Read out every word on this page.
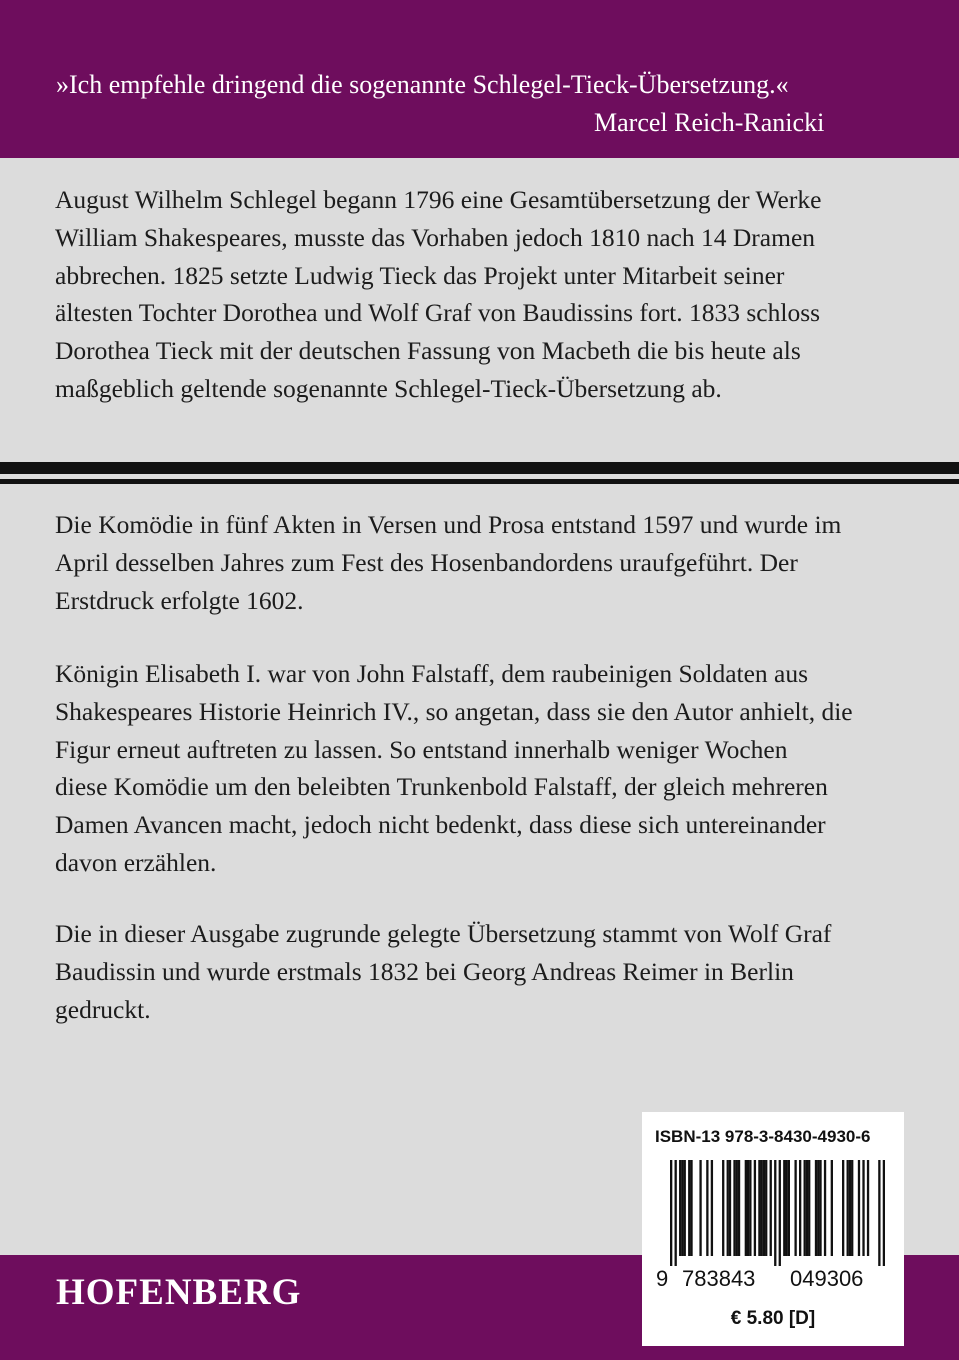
»Ich empfehle dringend die sogenannte Schlegel-Tieck-Übersetzung.«
Marcel Reich-Ranicki

August Wilhelm Schlegel begann 1796 eine Gesamtübersetzung der Werke
William Shakespeares, musste das Vorhaben jedoch 1810 nach 14 Dramen
abbrechen. 1825 setzte Ludwig Tieck das Projekt unter Mitarbeit seiner
ältesten Tochter Dorothea und Wolf Graf von Baudissins fort. 1833 schloss
Dorothea Tieck mit der deutschen Fassung von Macbeth die bis heute als
maßgeblich geltende sogenannte Schlegel-Tieck-Übersetzung ab.

Die Komödie in fünf Akten in Versen und Prosa entstand 1597 und wurde im
April desselben Jahres zum Fest des Hosenbandordens uraufgeführt. Der
Erstdruck erfolgte 1602.

Königin Elisabeth I. war von John Falstaff, dem raubeinigen Soldaten aus
Shakespeares Historie Heinrich IV., so angetan, dass sie den Autor anhielt, die
Figur erneut auftreten zu lassen. So entstand innerhalb weniger Wochen
diese Komödie um den beleibten Trunkenbold Falstaff, der gleich mehreren
Damen Avancen macht, jedoch nicht bedenkt, dass diese sich untereinander
davon erzählen.

Die in dieser Ausgabe zugrunde gelegte Übersetzung stammt von Wolf Graf
Baudissin und wurde erstmals 1832 bei Georg Andreas Reimer in Berlin
gedruckt.

HOFENBERG
ISBN-13 978-3-8430-4930-6
9 783843 049306
€ 5.80 [D]
